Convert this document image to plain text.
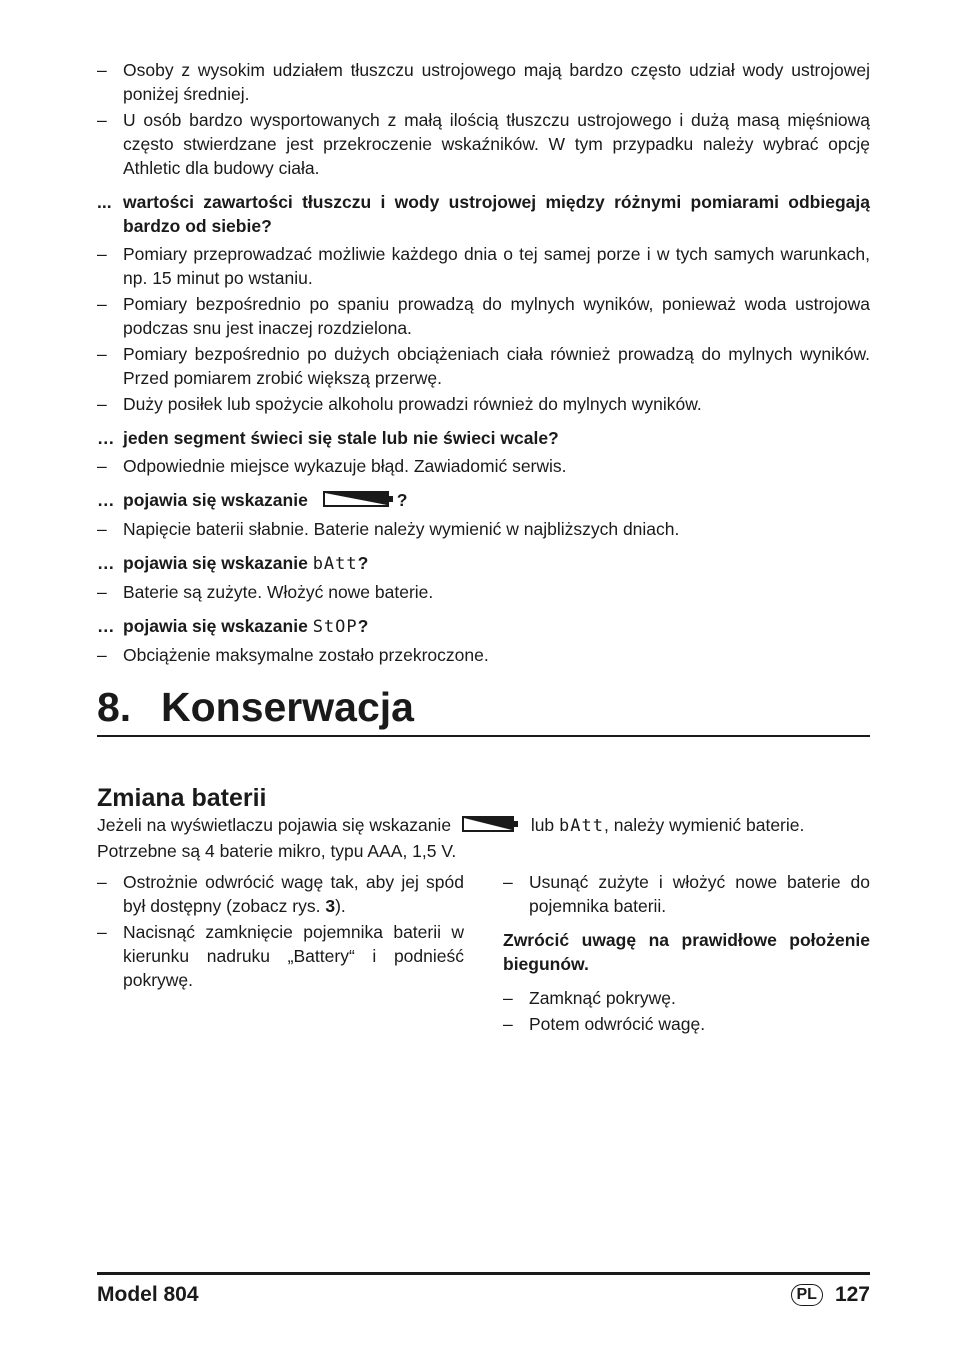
– Osoby z wysokim udziałem tłuszczu ustrojowego mają bardzo często udział wody ustrojowej poniżej średniej.
– U osób bardzo wysportowanych z małą ilością tłuszczu ustrojowego i dużą masą mięśniową często stwierdzane jest przekroczenie wskaźników. W tym przypadku należy wybrać opcję Athletic dla budowy ciała.
... wartości zawartości tłuszczu i wody ustrojowej między różnymi pomiarami odbiegają bardzo od siebie?
– Pomiary przeprowadzać możliwie każdego dnia o tej samej porze i w tych samych warunkach, np. 15 minut po wstaniu.
– Pomiary bezpośrednio po spaniu prowadzą do mylnych wyników, ponieważ woda ustrojowa podczas snu jest inaczej rozdzielona.
– Pomiary bezpośrednio po dużych obciążeniach ciała również prowadzą do mylnych wyników. Przed pomiarem zrobić większą przerwę.
– Duży posiłek lub spożycie alkoholu prowadzi również do mylnych wyników.
… jeden segment świeci się stale lub nie świeci wcale?
– Odpowiednie miejsce wykazuje błąd. Zawiadomić serwis.
… pojawia się wskazanie	?
– Napięcie baterii słabnie. Baterie należy wymienić w najbliższych dniach.
… pojawia się wskazanie bAtt?
– Baterie są zużyte. Włożyć nowe baterie.
… pojawia się wskazanie StOP?
– Obciążenie maksymalne zostało przekroczone.
8. Konserwacja
Zmiana baterii
Jeżeli na wyświetlaczu pojawia się wskazanie	lub bAtt, należy wymienić baterie.
Potrzebne są 4 baterie mikro, typu AAA, 1,5 V.
– Ostrożnie odwrócić wagę tak, aby jej spód był dostępny (zobacz rys. 3).
– Nacisnąć zamknięcie pojemnika baterii w kierunku nadruku „Battery“ i podnieść pokrywę.
– Usunąć zużyte i włożyć nowe baterie do pojemnika baterii.
Zwrócić uwagę na prawidłowe położenie biegunów.
– Zamknąć pokrywę.
– Potem odwrócić wagę.
Model 804	PL 127
